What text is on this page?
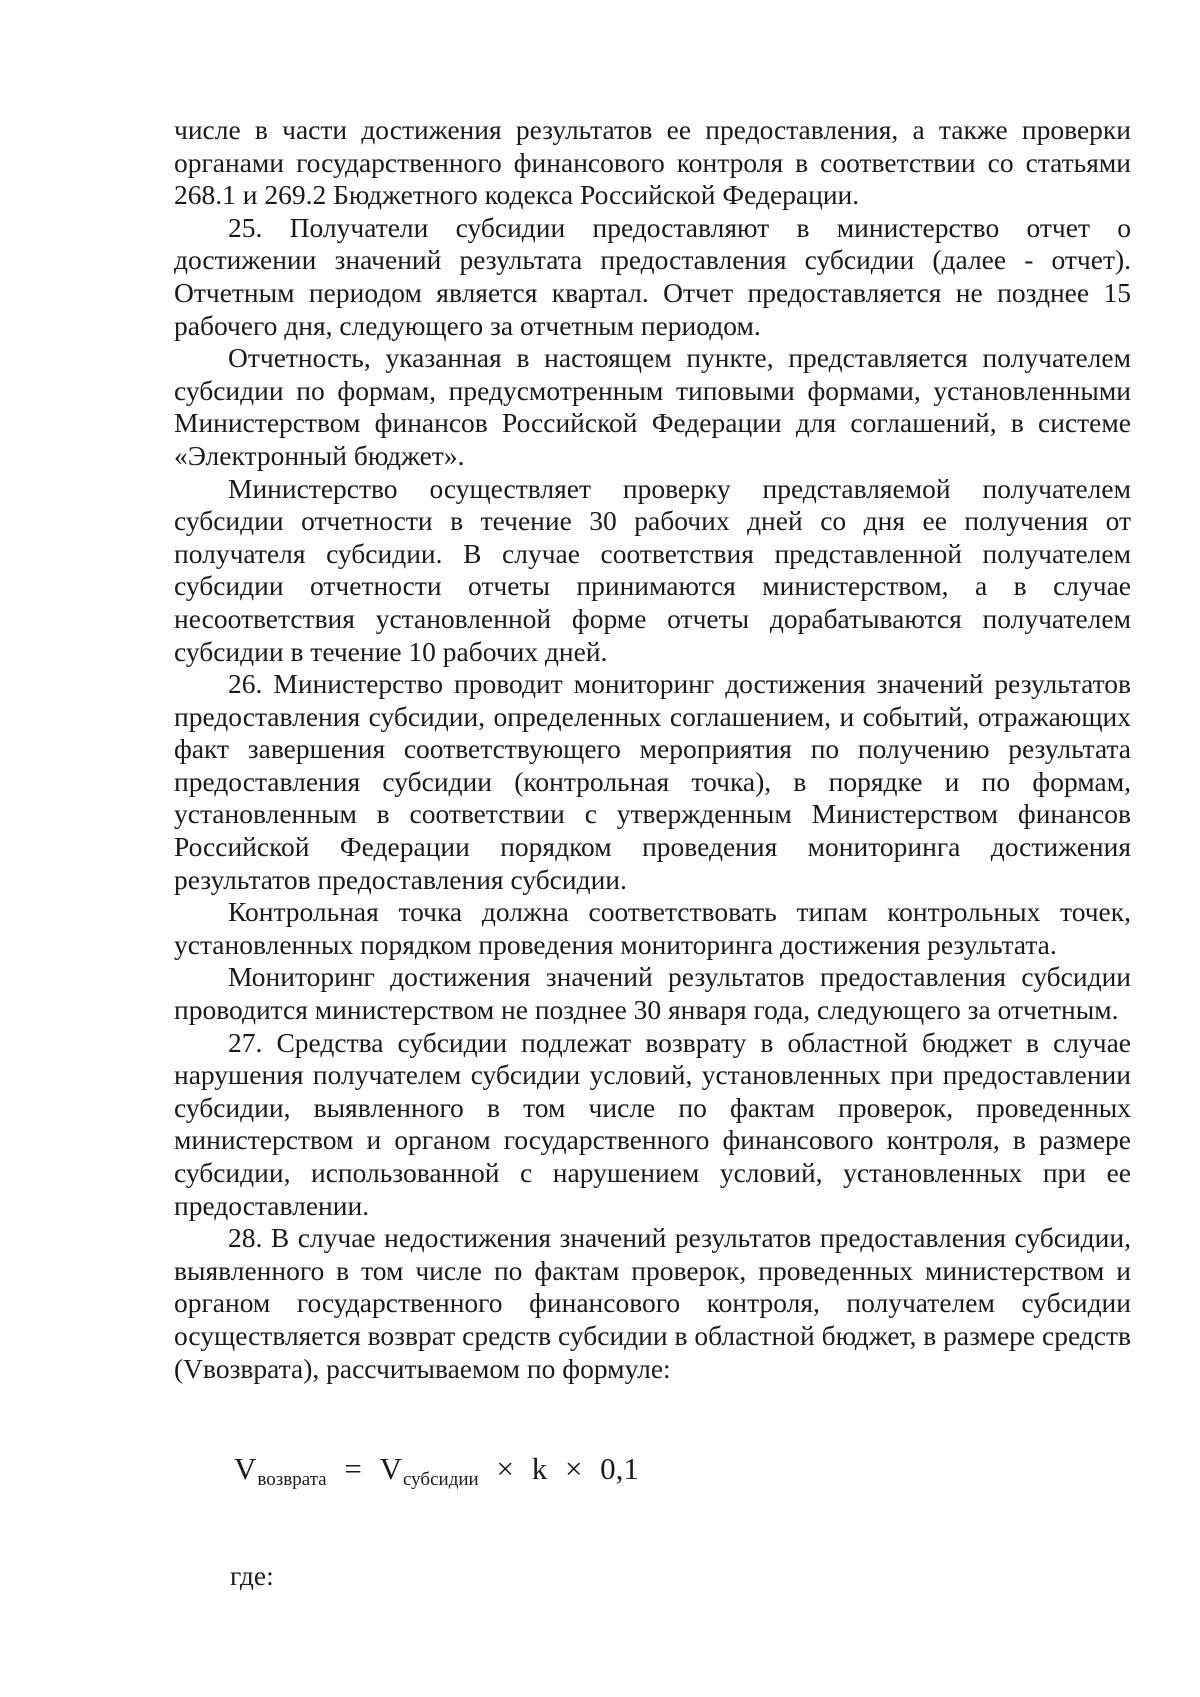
числе в части достижения результатов ее предоставления, а также проверки органами государственного финансового контроля в соответствии со статьями 268.1 и 269.2 Бюджетного кодекса Российской Федерации.

25. Получатели субсидии предоставляют в министерство отчет о достижении значений результата предоставления субсидии (далее - отчет). Отчетным периодом является квартал. Отчет предоставляется не позднее 15 рабочего дня, следующего за отчетным периодом.

Отчетность, указанная в настоящем пункте, представляется получателем субсидии по формам, предусмотренным типовыми формами, установленными Министерством финансов Российской Федерации для соглашений, в системе «Электронный бюджет».

Министерство осуществляет проверку представляемой получателем субсидии отчетности в течение 30 рабочих дней со дня ее получения от получателя субсидии. В случае соответствия представленной получателем субсидии отчетности отчеты принимаются министерством, а в случае несоответствия установленной форме отчеты дорабатываются получателем субсидии в течение 10 рабочих дней.

26. Министерство проводит мониторинг достижения значений результатов предоставления субсидии, определенных соглашением, и событий, отражающих факт завершения соответствующего мероприятия по получению результата предоставления субсидии (контрольная точка), в порядке и по формам, установленным в соответствии с утвержденным Министерством финансов Российской Федерации порядком проведения мониторинга достижения результатов предоставления субсидии.

Контрольная точка должна соответствовать типам контрольных точек, установленных порядком проведения мониторинга достижения результата.

Мониторинг достижения значений результатов предоставления субсидии проводится министерством не позднее 30 января года, следующего за отчетным.

27. Средства субсидии подлежат возврату в областной бюджет в случае нарушения получателем субсидии условий, установленных при предоставлении субсидии, выявленного в том числе по фактам проверок, проведенных министерством и органом государственного финансового контроля, в размере субсидии, использованной с нарушением условий, установленных при ее предоставлении.

28. В случае недостижения значений результатов предоставления субсидии, выявленного в том числе по фактам проверок, проведенных министерством и органом государственного финансового контроля, получателем субсидии осуществляется возврат средств субсидии в областной бюджет, в размере средств (Vвозврата), рассчитываемом по формуле:

$V_{возврата} = V_{субсидии} \times k \times 0,1$
где:
